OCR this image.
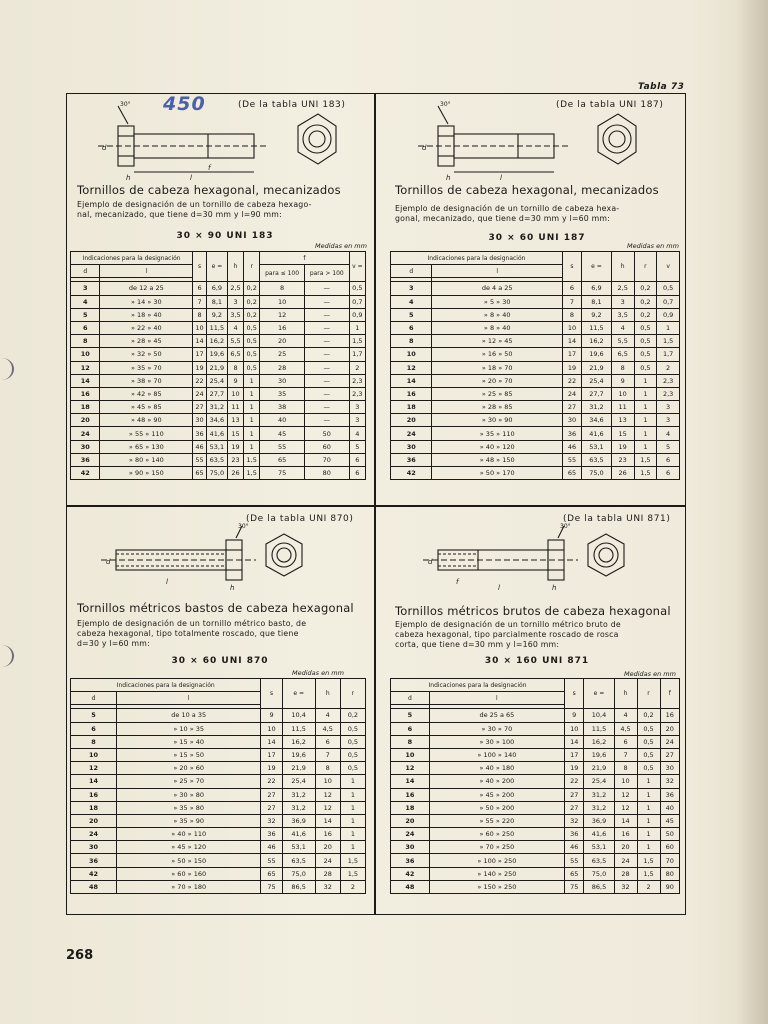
Tabla 73
450	(De la tabla UNI 183)
d
f
l
h
30°
Tornillos de cabeza hexagonal, mecanizados
Ejemplo de designación de un tornillo de cabeza hexago-
nal, mecanizado, que tiene d=30 mm y l=90 mm:
30 × 90 UNI 183
Medidas en mm
Indicaciones para la designación		s	e ≃	h	r	f		v ≃
d	l					para ≤ 100	para > 100	

3	de 12 a 25	6	6,9	2,5	0,2	8	—	0,5
4	» 14 » 30	7	8,1	3	0,2	10	—	0,7
5	» 18 » 40	8	9,2	3,5	0,2	12	—	0,9
6	» 22 » 40	10	11,5	4	0,5	16	—	1
8	» 28 » 45	14	16,2	5,5	0,5	20	—	1,5
10	» 32 » 50	17	19,6	6,5	0,5	25	—	1,7
12	» 35 » 70	19	21,9	8	0,5	28	—	2
14	» 38 » 70	22	25,4	9	1	30	—	2,3
16	» 42 » 85	24	27,7	10	1	35	—	2,3
18	» 45 » 85	27	31,2	11	1	38	—	3
20	» 48 » 90	30	34,6	13	1	40	—	3
24	» 55 » 110	36	41,6	15	1	45	50	4
30	» 65 » 130	46	53,1	19	1	55	60	5
36	» 80 » 140	55	63,5	23	1,5	65	70	6
42	» 90 » 150	65	75,0	26	1,5	75	80	6
(De la tabla UNI 187)
d
l
h
30°
Tornillos de cabeza hexagonal, mecanizados
Ejemplo de designación de un tornillo de cabeza hexa-
gonal, mecanizado, que tiene d=30 mm y l=60 mm:
30 × 60 UNI 187
Medidas en mm
Indicaciones para la designación		s	e ≃	h	r	v
d	l					

3	de 4 a 25	6	6,9	2,5	0,2	0,5
4	» 5 » 30	7	8,1	3	0,2	0,7
5	» 8 » 40	8	9,2	3,5	0,2	0,9
6	» 8 » 40	10	11,5	4	0,5	1
8	» 12 » 45	14	16,2	5,5	0,5	1,5
10	» 16 » 50	17	19,6	6,5	0,5	1,7
12	» 18 » 70	19	21,9	8	0,5	2
14	» 20 » 70	22	25,4	9	1	2,3
16	» 25 » 85	24	27,7	10	1	2,3
18	» 28 » 85	27	31,2	11	1	3
20	» 30 » 90	30	34,6	13	1	3
24	» 35 » 110	36	41,6	15	1	4
30	» 40 » 120	46	53,1	19	1	5
36	» 48 » 150	55	63,5	23	1,5	6
42	» 50 » 170	65	75,0	26	1,5	6
(De la tabla UNI 870)
d
l
h
30°
Tornillos métricos bastos de cabeza hexagonal
Ejemplo de designación de un tornillo métrico basto, de
cabeza hexagonal, tipo totalmente roscado, que tiene
d=30 y l=60 mm:
30 × 60 UNI 870
Medidas en mm
Indicaciones para la designación		s	e ≃	h	r
d	l				

5	de 10 a 35	9	10,4	4	0,2
6	» 10 » 35	10	11,5	4,5	0,5
8	» 15 » 40	14	16,2	6	0,5
10	» 15 » 50	17	19,6	7	0,5
12	» 20 » 60	19	21,9	8	0,5
14	» 25 » 70	22	25,4	10	1
16	» 30 » 80	27	31,2	12	1
18	» 35 » 80	27	31,2	12	1
20	» 35 » 90	32	36,9	14	1
24	» 40 » 110	36	41,6	16	1
30	» 45 » 120	46	53,1	20	1
36	» 50 » 150	55	63,5	24	1,5
42	» 60 » 160	65	75,0	28	1,5
48	» 70 » 180	75	86,5	32	2
(De la tabla UNI 871)
d
f
l	h
30°
Tornillos métricos brutos de cabeza hexagonal
Ejemplo de designación de un tornillo métrico bruto de
cabeza hexagonal, tipo parcialmente roscado de rosca
corta, que tiene d=30 mm y l=160 mm:
30 × 160 UNI 871
Medidas en mm
Indicaciones para la designación		s	e ≃	h	r	f
d	l					

5	de 25 a 65	9	10,4	4	0,2	16
6	» 30 » 70	10	11,5	4,5	0,5	20
8	» 30 » 100	14	16,2	6	0,5	24
10	» 100 » 140	17	19,6	7	0,5	27
12	» 40 » 180	19	21,9	8	0,5	30
14	» 40 » 200	22	25,4	10	1	32
16	» 45 » 200	27	31,2	12	1	36
18	» 50 » 200	27	31,2	12	1	40
20	» 55 » 220	32	36,9	14	1	45
24	» 60 » 250	36	41,6	16	1	50
30	» 70 » 250	46	53,1	20	1	60
36	» 100 » 250	55	63,5	24	1,5	70
42	» 140 » 250	65	75,0	28	1,5	80
48	» 150 » 250	75	86,5	32	2	90
268
